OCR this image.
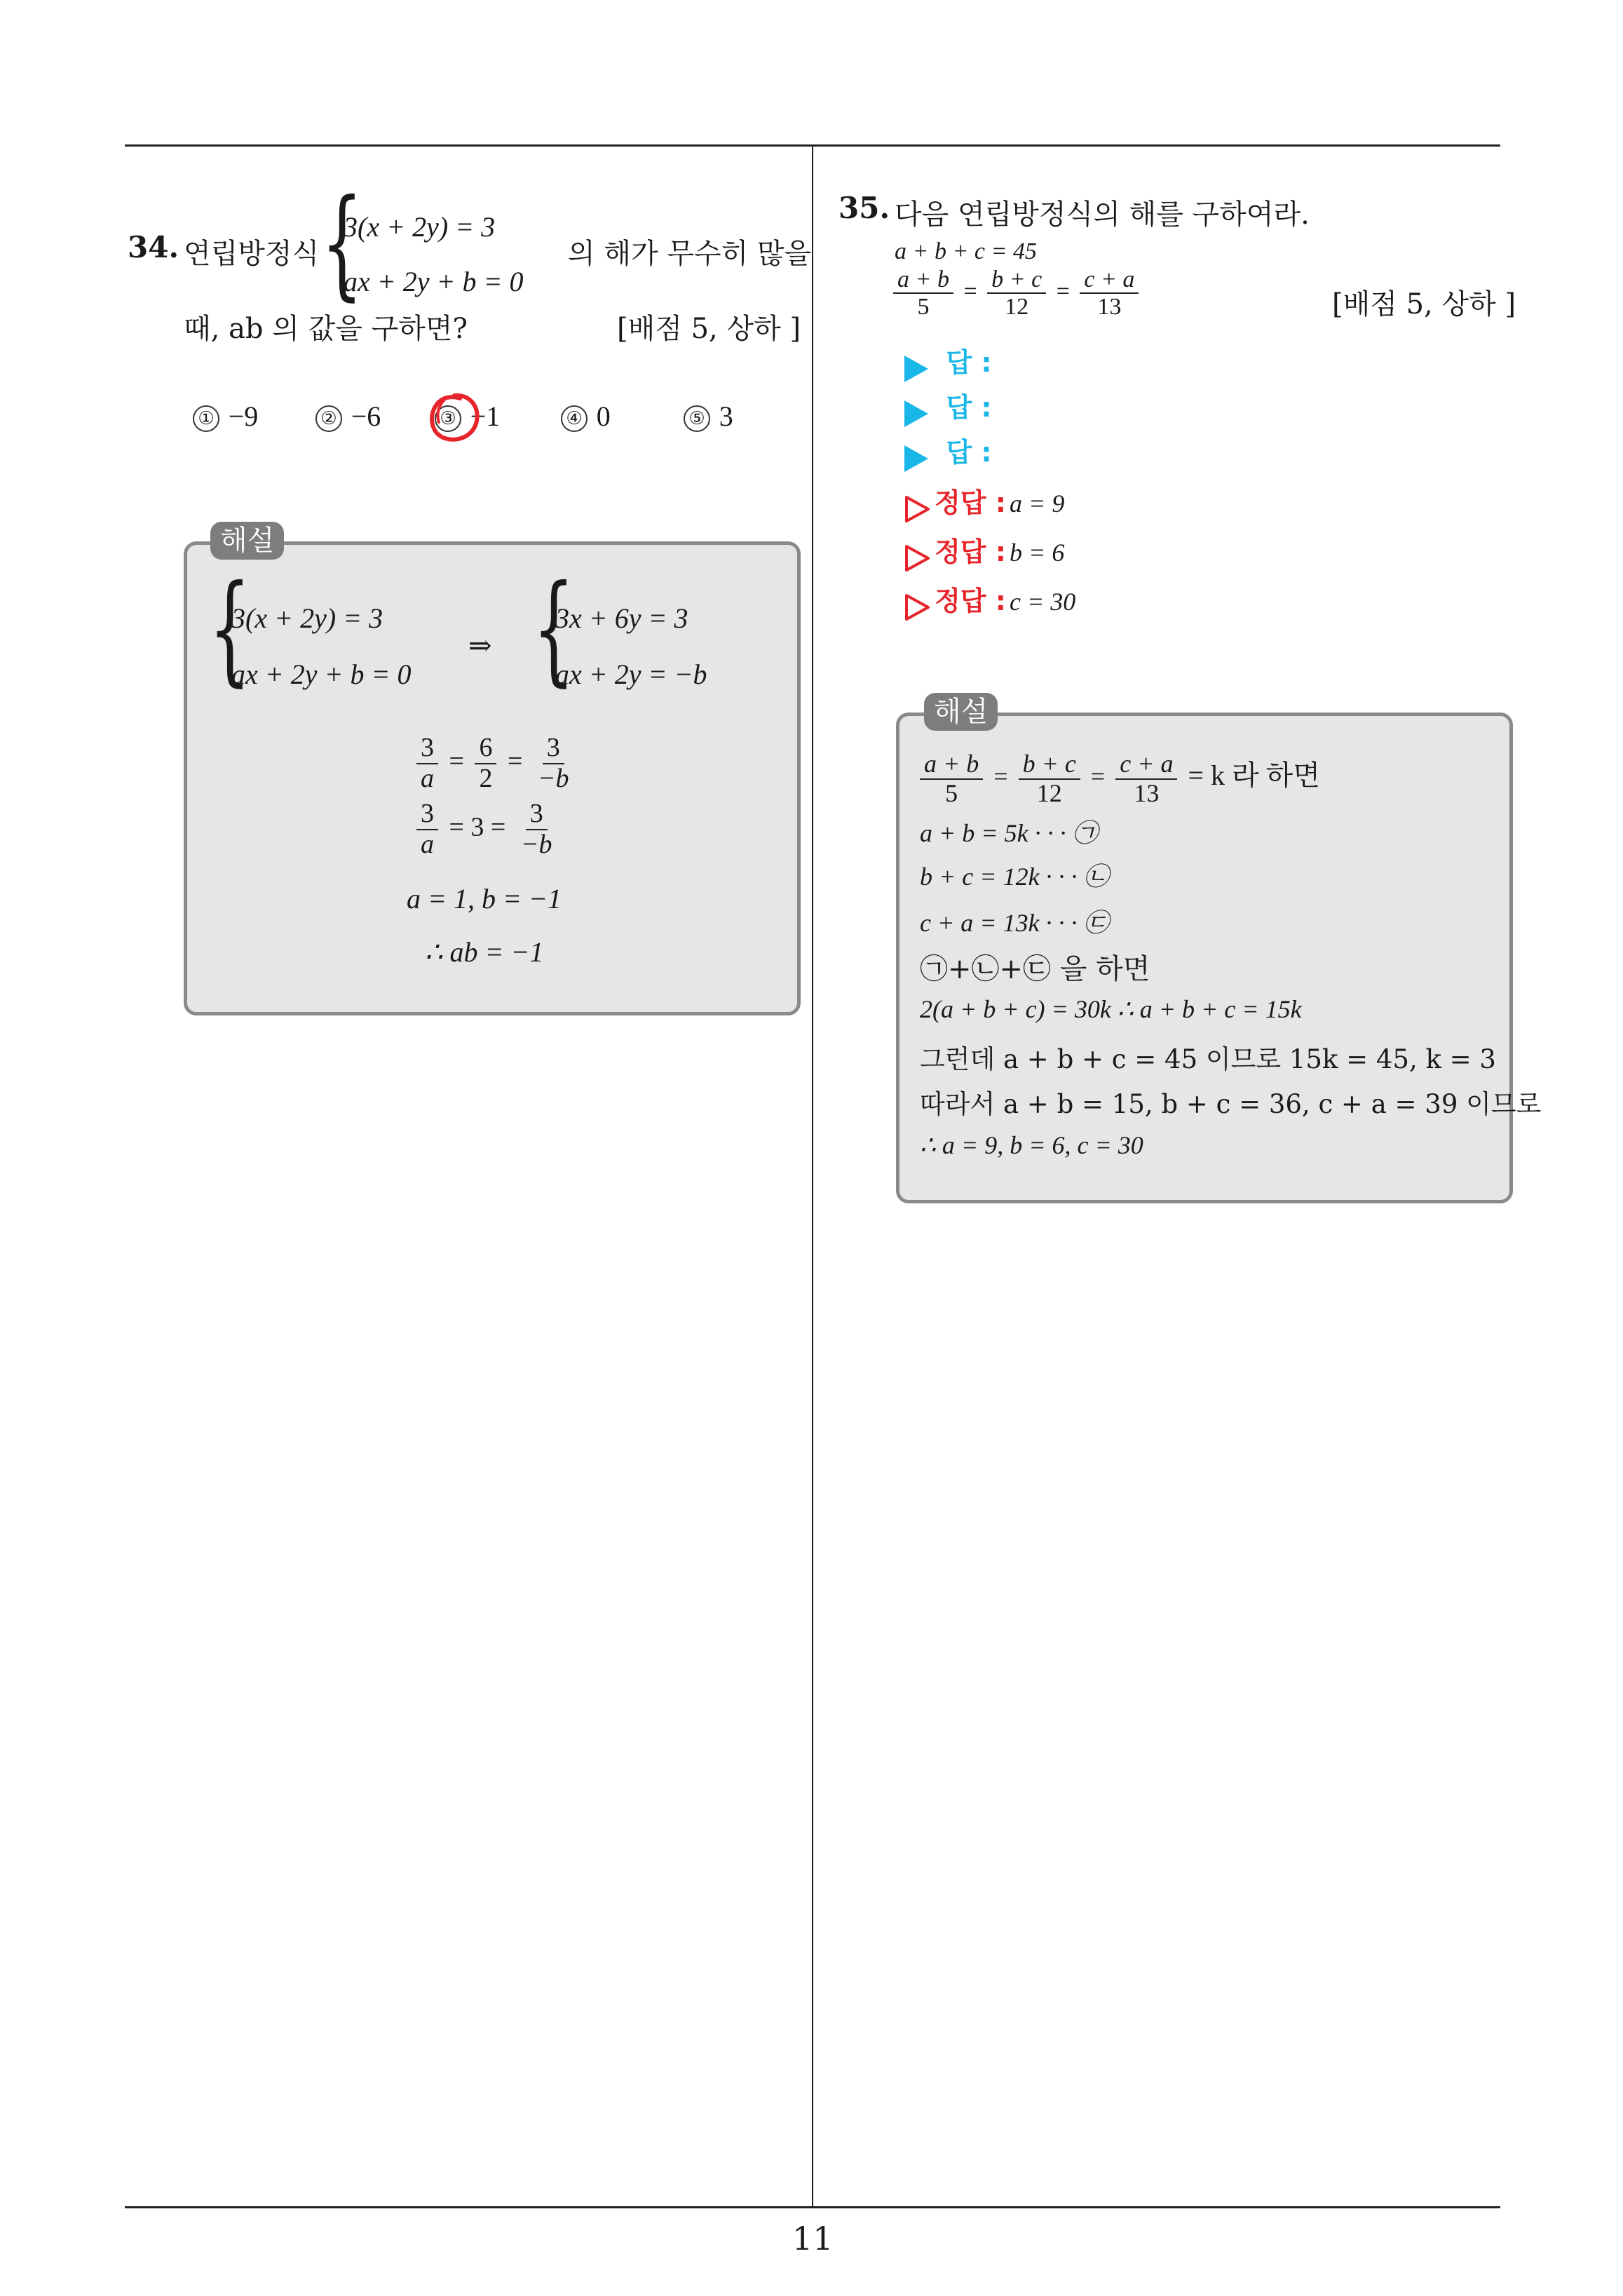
11
34. 연립방정식 {
3(x + 2y) = 3
ax + 2y + b = 0
의 해가 무수히 많을
때, ab 의 값을 구하면?	[배점 5, 상하 ]
① −9	② −6	③ −1	④ 0	⑤ 3
해설
{
3(x + 2y) = 3
ax + 2y + b = 0
⇒ {
3x + 6y = 3
ax + 2y = −b
$\frac{3}{a} = \frac{6}{2} = \frac{3}{-b}$
$\frac{3}{a} = 3 = \frac{3}{-b}$
a = 1, b = −1
∴ ab = −1
35. 다음 연립방정식의 해를 구하여라.
a + b + c = 45
$\frac{a + b}{5} = \frac{b + c}{12} = \frac{c + a}{13}$	[배점 5, 상하 ]
답 :
답 :
답 :
정답 : a = 9
정답 : b = 6
정답 : c = 30
해설
$\frac{a + b}{5} = \frac{b + c}{12} = \frac{c + a}{13} = k$ 라 하면
a + b = 5k · · · ㉠
b + c = 12k · · · ㉡
c + a = 13k · · · ㉢
㉠+㉡+㉢ 을 하면
2(a + b + c) = 30k ∴ a + b + c = 15k
그런데 a + b + c = 45 이므로 15k = 45, k = 3
따라서 a + b = 15, b + c = 36, c + a = 39 이므로
∴ a = 9, b = 6, c = 30
